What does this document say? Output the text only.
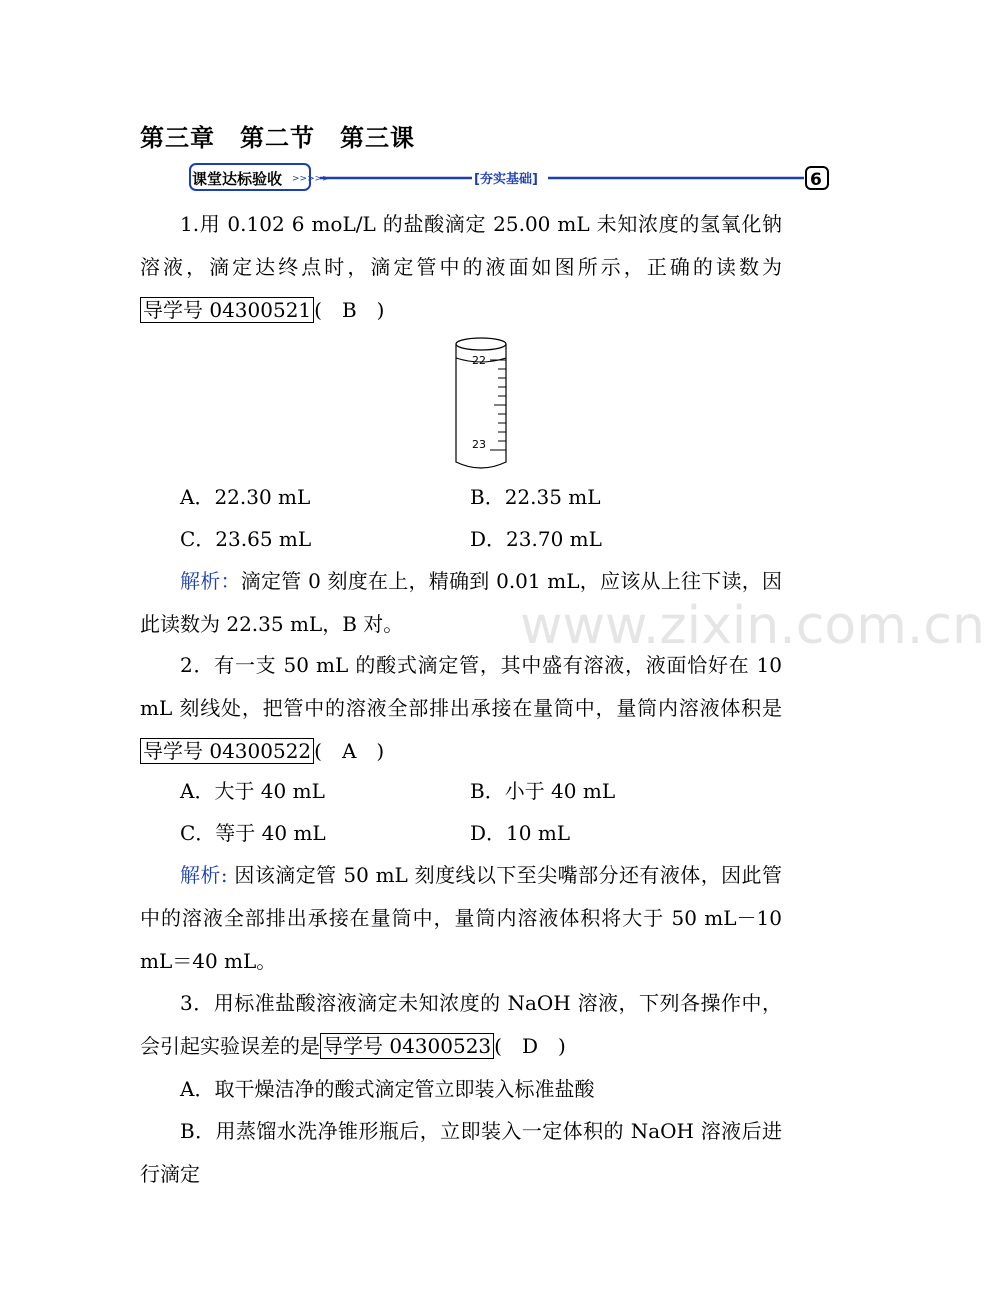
第三章　第二节　第三课
课堂达标验收 >>>>>	[夯实基础]	6
1.用 0.102 6 moL/L 的盐酸滴定 25.00 mL 未知浓度的氢氧化钠溶液，滴定达终点时，滴定管中的液面如图所示，正确的读数为导学号 04300521 (　B　)
22
23
A．22.30 mL	B．22.35 mL
C．23.65 mL	D．23.70 mL
解析：滴定管 0 刻度在上，精确到 0.01 mL，应该从上往下读，因此读数为 22.35 mL，B 对。
2．有一支 50 mL 的酸式滴定管，其中盛有溶液，液面恰好在 10 mL 刻线处，把管中的溶液全部排出承接在量筒中，量筒内溶液体积是导学号 04300522 (　A　)
A．大于 40 mL	B．小于 40 mL
C．等于 40 mL	D．10 mL
解析: 因该滴定管 50 mL 刻度线以下至尖嘴部分还有液体，因此管中的溶液全部排出承接在量筒中，量筒内溶液体积将大于 50 mL－10 mL＝40 mL。
3．用标准盐酸溶液滴定未知浓度的 NaOH 溶液，下列各操作中，会引起实验误差的是 导学号 04300523 (　D　)
A．取干燥洁净的酸式滴定管立即装入标准盐酸
B．用蒸馏水洗净锥形瓶后，立即装入一定体积的 NaOH 溶液后进行滴定
www.zixin.com.cn
